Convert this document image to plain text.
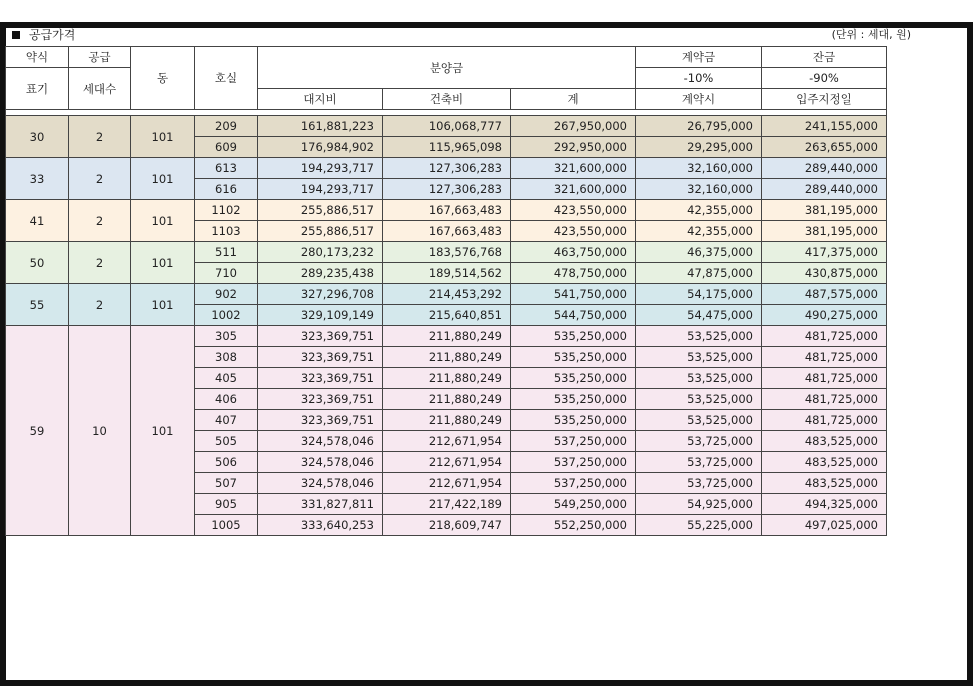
공급가격	(단위 : 세대, 원)
약식	공급	동	호실	분양금			계약금	잔금
표기	세대수						-10%	-90%
				대지비	건축비	계	계약시	입주지정일

30	2	101	209	161,881,223	106,068,777	267,950,000	26,795,000	241,155,000
			609	176,984,902	115,965,098	292,950,000	29,295,000	263,655,000
33	2	101	613	194,293,717	127,306,283	321,600,000	32,160,000	289,440,000
			616	194,293,717	127,306,283	321,600,000	32,160,000	289,440,000
41	2	101	1102	255,886,517	167,663,483	423,550,000	42,355,000	381,195,000
			1103	255,886,517	167,663,483	423,550,000	42,355,000	381,195,000
50	2	101	511	280,173,232	183,576,768	463,750,000	46,375,000	417,375,000
			710	289,235,438	189,514,562	478,750,000	47,875,000	430,875,000
55	2	101	902	327,296,708	214,453,292	541,750,000	54,175,000	487,575,000
			1002	329,109,149	215,640,851	544,750,000	54,475,000	490,275,000
59	10	101	305	323,369,751	211,880,249	535,250,000	53,525,000	481,725,000
			308	323,369,751	211,880,249	535,250,000	53,525,000	481,725,000
			405	323,369,751	211,880,249	535,250,000	53,525,000	481,725,000
			406	323,369,751	211,880,249	535,250,000	53,525,000	481,725,000
			407	323,369,751	211,880,249	535,250,000	53,525,000	481,725,000
			505	324,578,046	212,671,954	537,250,000	53,725,000	483,525,000
			506	324,578,046	212,671,954	537,250,000	53,725,000	483,525,000
			507	324,578,046	212,671,954	537,250,000	53,725,000	483,525,000
			905	331,827,811	217,422,189	549,250,000	54,925,000	494,325,000
			1005	333,640,253	218,609,747	552,250,000	55,225,000	497,025,000
